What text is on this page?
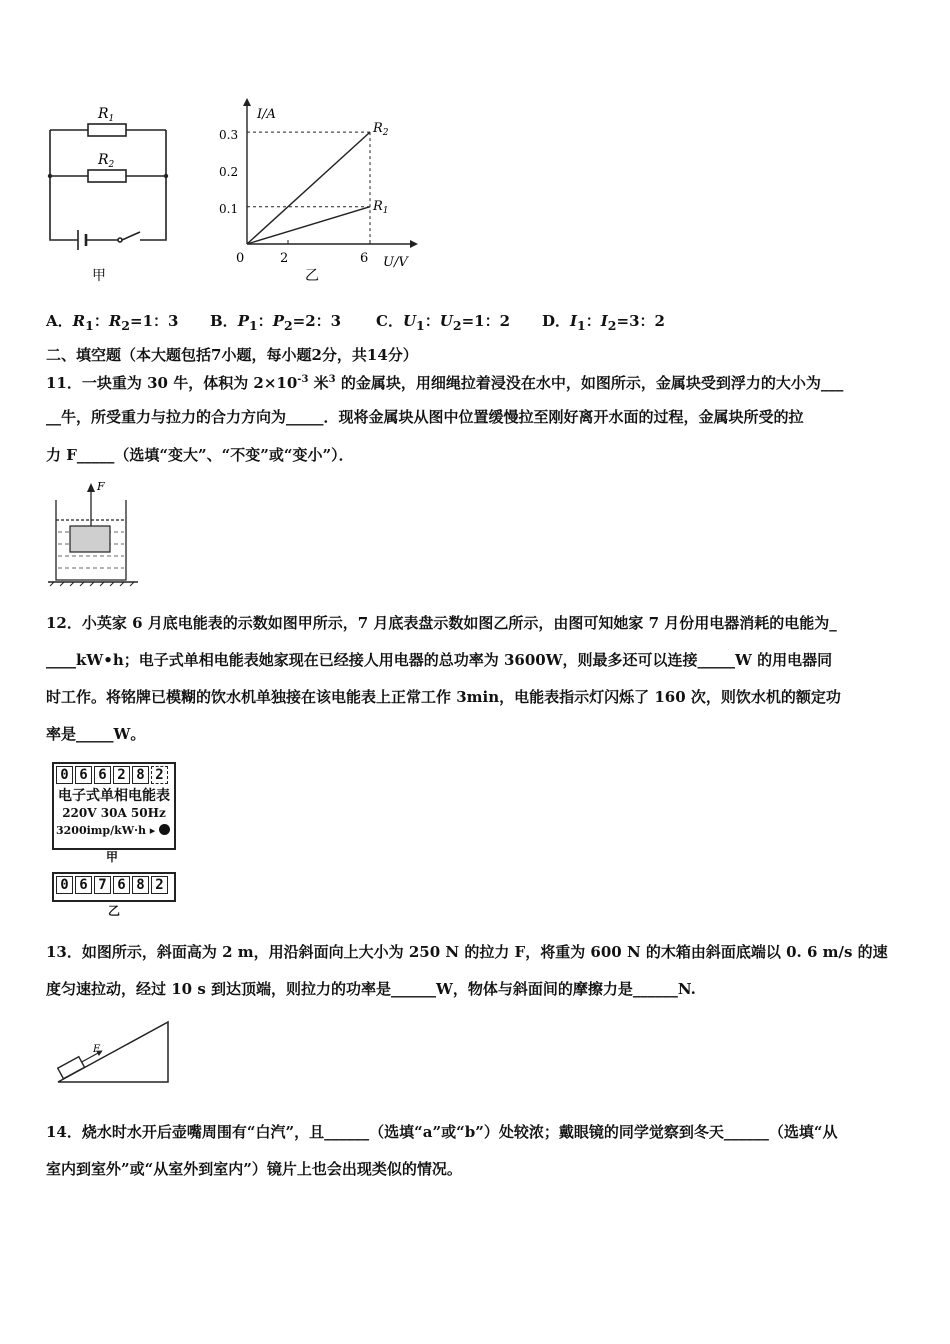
$R_1$
$R_2$
甲
I/A
U/V
0
0.1
0.2
0.3
2	6
$R_2$
$R_1$
乙
A．$R_1$：$R_2=1$：3 B．$P_1$：$P_2=2$：3 C．$U_1$：$U_2=1$：2 D．$I_1$：$I_2=3$：2
二、填空题（本大题包括7小题，每小题2分，共14分）
11．一块重为 30 牛，体积为 $2\times 10^{-3}$ 米$^3$ 的金属块，用细绳拉着浸没在水中，如图所示，金属块受到浮力的大小为___
__牛，所受重力与拉力的合力方向为_____．现将金属块从图中位置缓慢拉至刚好离开水面的过程，金属块所受的拉
力 F_____（选填“变大”、“不变”或“变小”）．
F
12．小英家 6 月底电能表的示数如图甲所示，7 月底表盘示数如图乙所示，由图可知她家 7 月份用电器消耗的电能为_
____kW•h；电子式单相电能表她家现在已经接人用电器的总功率为 3600W，则最多还可以连接_____W 的用电器同
时工作。将铭牌已模糊的饮水机单独接在该电能表上正常工作 3min，电能表指示灯闪烁了 160 次，则饮水机的额定功
率是_____W。
0 6 6 2 8 2
电子式单相电能表
220V 30A 50Hz
3200imp/kW·h ▸
甲
0 6 7 6 8 2
乙
13．如图所示，斜面高为 2 m，用沿斜面向上大小为 250 N 的拉力 F，将重为 600 N 的木箱由斜面底端以 0. 6 m/s 的速
度匀速拉动，经过 10 s 到达顶端，则拉力的功率是______W，物体与斜面间的摩擦力是______N.
F
14．烧水时水开后壶嘴周围有“白汽”，且______（选填“a”或“b”）处较浓；戴眼镜的同学觉察到冬天______（选填“从
室内到室外”或“从室外到室内”）镜片上也会出现类似的情况。
